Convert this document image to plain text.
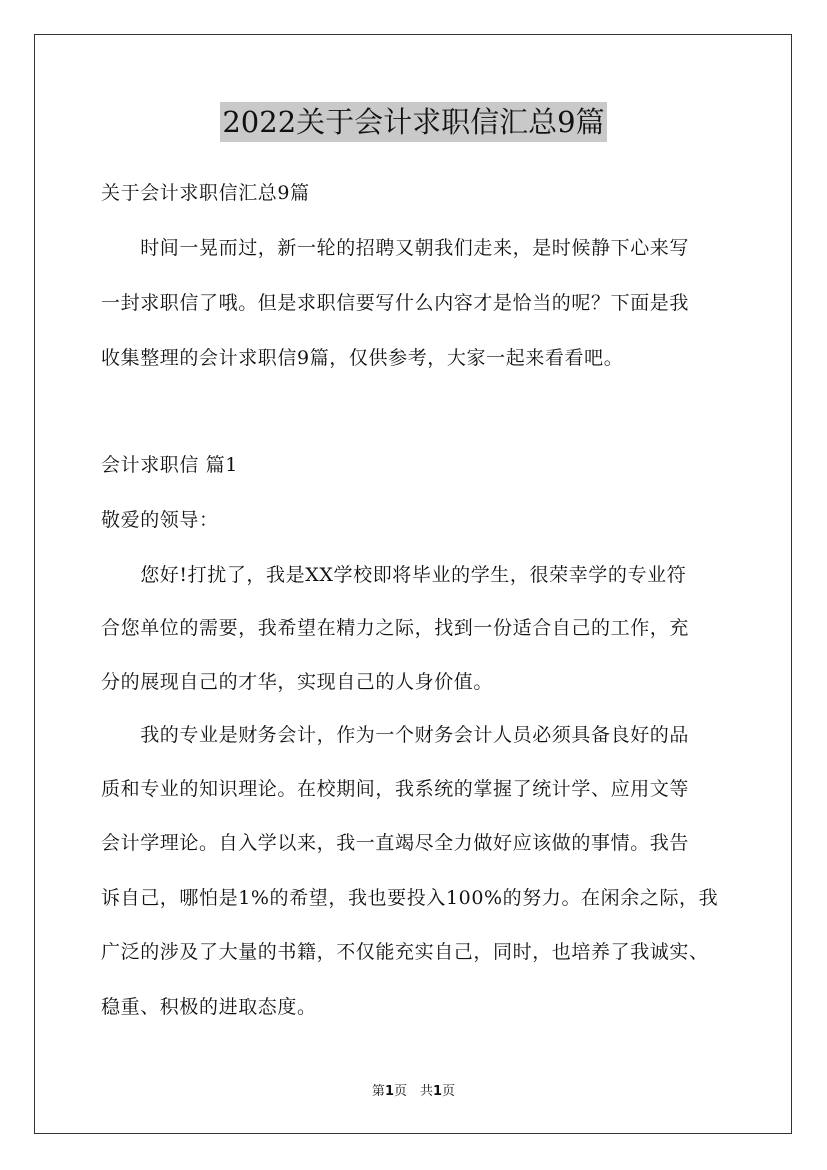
2022关于会计求职信汇总9篇
关于会计求职信汇总9篇
　　时间一晃而过，新一轮的招聘又朝我们走来，是时候静下心来写
一封求职信了哦。但是求职信要写什么内容才是恰当的呢？下面是我
收集整理的会计求职信9篇，仅供参考，大家一起来看看吧。
会计求职信 篇1
敬爱的领导：
　　您好!打扰了，我是XX学校即将毕业的学生，很荣幸学的专业符
合您单位的需要，我希望在精力之际，找到一份适合自己的工作，充
分的展现自己的才华，实现自己的人身价值。
　　我的专业是财务会计，作为一个财务会计人员必须具备良好的品
质和专业的知识理论。在校期间，我系统的掌握了统计学、应用文等
会计学理论。自入学以来，我一直竭尽全力做好应该做的事情。我告
诉自己，哪怕是1%的希望，我也要投入100%的努力。在闲余之际，我
广泛的涉及了大量的书籍，不仅能充实自己，同时，也培养了我诚实、
稳重、积极的进取态度。
第1页　共1页
